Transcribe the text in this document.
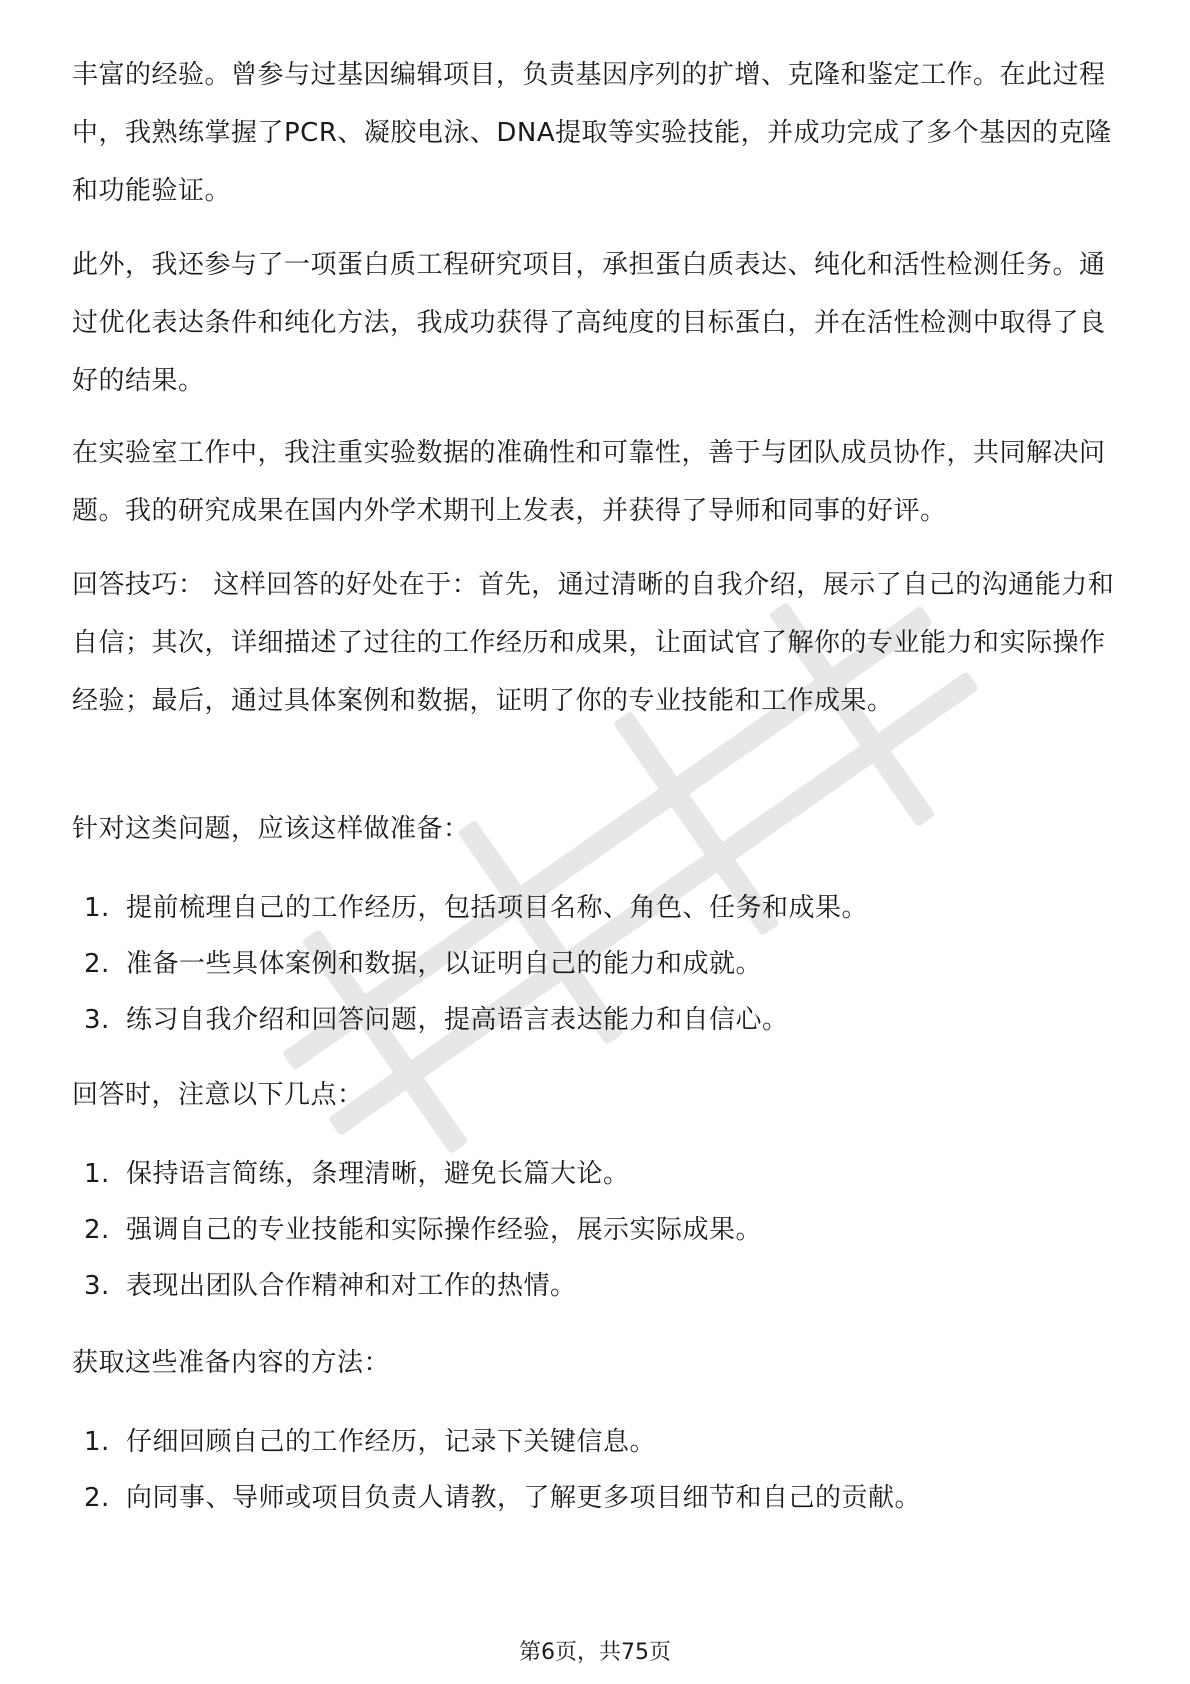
丰富的经验。曾参与过基因编辑项目，负责基因序列的扩增、克隆和鉴定工作。在此过程中，我熟练掌握了PCR、凝胶电泳、DNA提取等实验技能，并成功完成了多个基因的克隆和功能验证。

此外，我还参与了一项蛋白质工程研究项目，承担蛋白质表达、纯化和活性检测任务。通过优化表达条件和纯化方法，我成功获得了高纯度的目标蛋白，并在活性检测中取得了良好的结果。

在实验室工作中，我注重实验数据的准确性和可靠性，善于与团队成员协作，共同解决问题。我的研究成果在国内外学术期刊上发表，并获得了导师和同事的好评。

回答技巧： 这样回答的好处在于：首先，通过清晰的自我介绍，展示了自己的沟通能力和自信；其次，详细描述了过往的工作经历和成果，让面试官了解你的专业能力和实际操作经验；最后，通过具体案例和数据，证明了你的专业技能和工作成果。

针对这类问题，应该这样做准备：

1. 提前梳理自己的工作经历，包括项目名称、角色、任务和成果。
2. 准备一些具体案例和数据，以证明自己的能力和成就。
3. 练习自我介绍和回答问题，提高语言表达能力和自信心。

回答时，注意以下几点：

1. 保持语言简练，条理清晰，避免长篇大论。
2. 强调自己的专业技能和实际操作经验，展示实际成果。
3. 表现出团队合作精神和对工作的热情。

获取这些准备内容的方法：

1. 仔细回顾自己的工作经历，记录下关键信息。
2. 向同事、导师或项目负责人请教，了解更多项目细节和自己的贡献。
第6页，共75页
